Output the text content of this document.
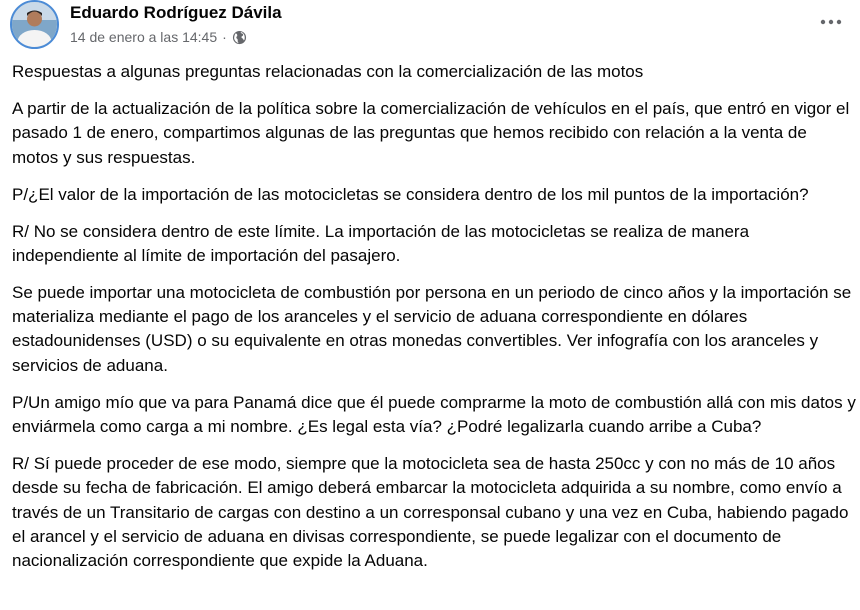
Eduardo Rodríguez Dávila
14 de enero a las 14:45 ·

Respuestas a algunas preguntas relacionadas con la comercialización de las motos

A partir de la actualización de la política sobre la comercialización de vehículos en el país, que entró en vigor el pasado 1 de enero, compartimos algunas de las preguntas que hemos recibido con relación a la venta de motos y sus respuestas.

P/¿El valor de la importación de las motocicletas se considera dentro de los mil puntos de la importación?

R/ No se considera dentro de este límite. La importación de las motocicletas se realiza de manera independiente al límite de importación del pasajero.

Se puede importar una motocicleta de combustión por persona en un periodo de cinco años y la importación se materializa mediante el pago de los aranceles y el servicio de aduana correspondiente en dólares estadounidenses (USD) o su equivalente en otras monedas convertibles. Ver infografía con los aranceles y servicios de aduana.

P/Un amigo mío que va para Panamá dice que él puede comprarme la moto de combustión allá con mis datos y enviármela como carga a mi nombre. ¿Es legal esta vía? ¿Podré legalizarla cuando arribe a Cuba?

R/ Sí puede proceder de ese modo, siempre que la motocicleta sea de hasta 250cc y con no más de 10 años desde su fecha de fabricación. El amigo deberá embarcar la motocicleta adquirida a su nombre, como envío a través de un Transitario de cargas con destino a un corresponsal cubano y una vez en Cuba, habiendo pagado el arancel y el servicio de aduana en divisas correspondiente, se puede legalizar con el documento de nacionalización correspondiente que expide la Aduana.
